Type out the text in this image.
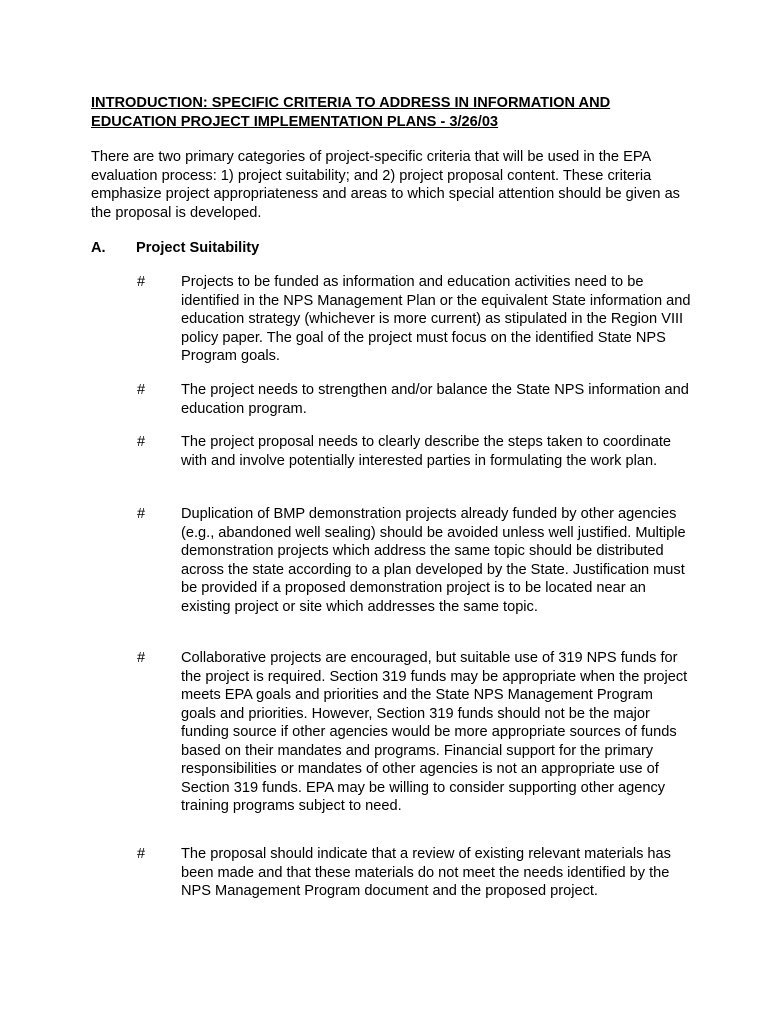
INTRODUCTION: SPECIFIC CRITERIA TO ADDRESS IN INFORMATION AND EDUCATION PROJECT IMPLEMENTATION PLANS - 3/26/03

There are two primary categories of project-specific criteria that will be used in the EPA evaluation process: 1) project suitability; and 2) project proposal content. These criteria emphasize project appropriateness and areas to which special attention should be given as the proposal is developed.

A. Project Suitability
# Projects to be funded as information and education activities need to be identified in the NPS Management Plan or the equivalent State information and education strategy (whichever is more current) as stipulated in the Region VIII policy paper. The goal of the project must focus on the identified State NPS Program goals.

# The project needs to strengthen and/or balance the State NPS information and education program.

# The project proposal needs to clearly describe the steps taken to coordinate with and involve potentially interested parties in formulating the work plan.

# Duplication of BMP demonstration projects already funded by other agencies (e.g., abandoned well sealing) should be avoided unless well justified. Multiple demonstration projects which address the same topic should be distributed across the state according to a plan developed by the State. Justification must be provided if a proposed demonstration project is to be located near an existing project or site which addresses the same topic.

# Collaborative projects are encouraged, but suitable use of 319 NPS funds for the project is required. Section 319 funds may be appropriate when the project meets EPA goals and priorities and the State NPS Management Program goals and priorities. However, Section 319 funds should not be the major funding source if other agencies would be more appropriate sources of funds based on their mandates and programs. Financial support for the primary responsibilities or mandates of other agencies is not an appropriate use of Section 319 funds. EPA may be willing to consider supporting other agency training programs subject to need.

# The proposal should indicate that a review of existing relevant materials has been made and that these materials do not meet the needs identified by the NPS Management Program document and the proposed project.
